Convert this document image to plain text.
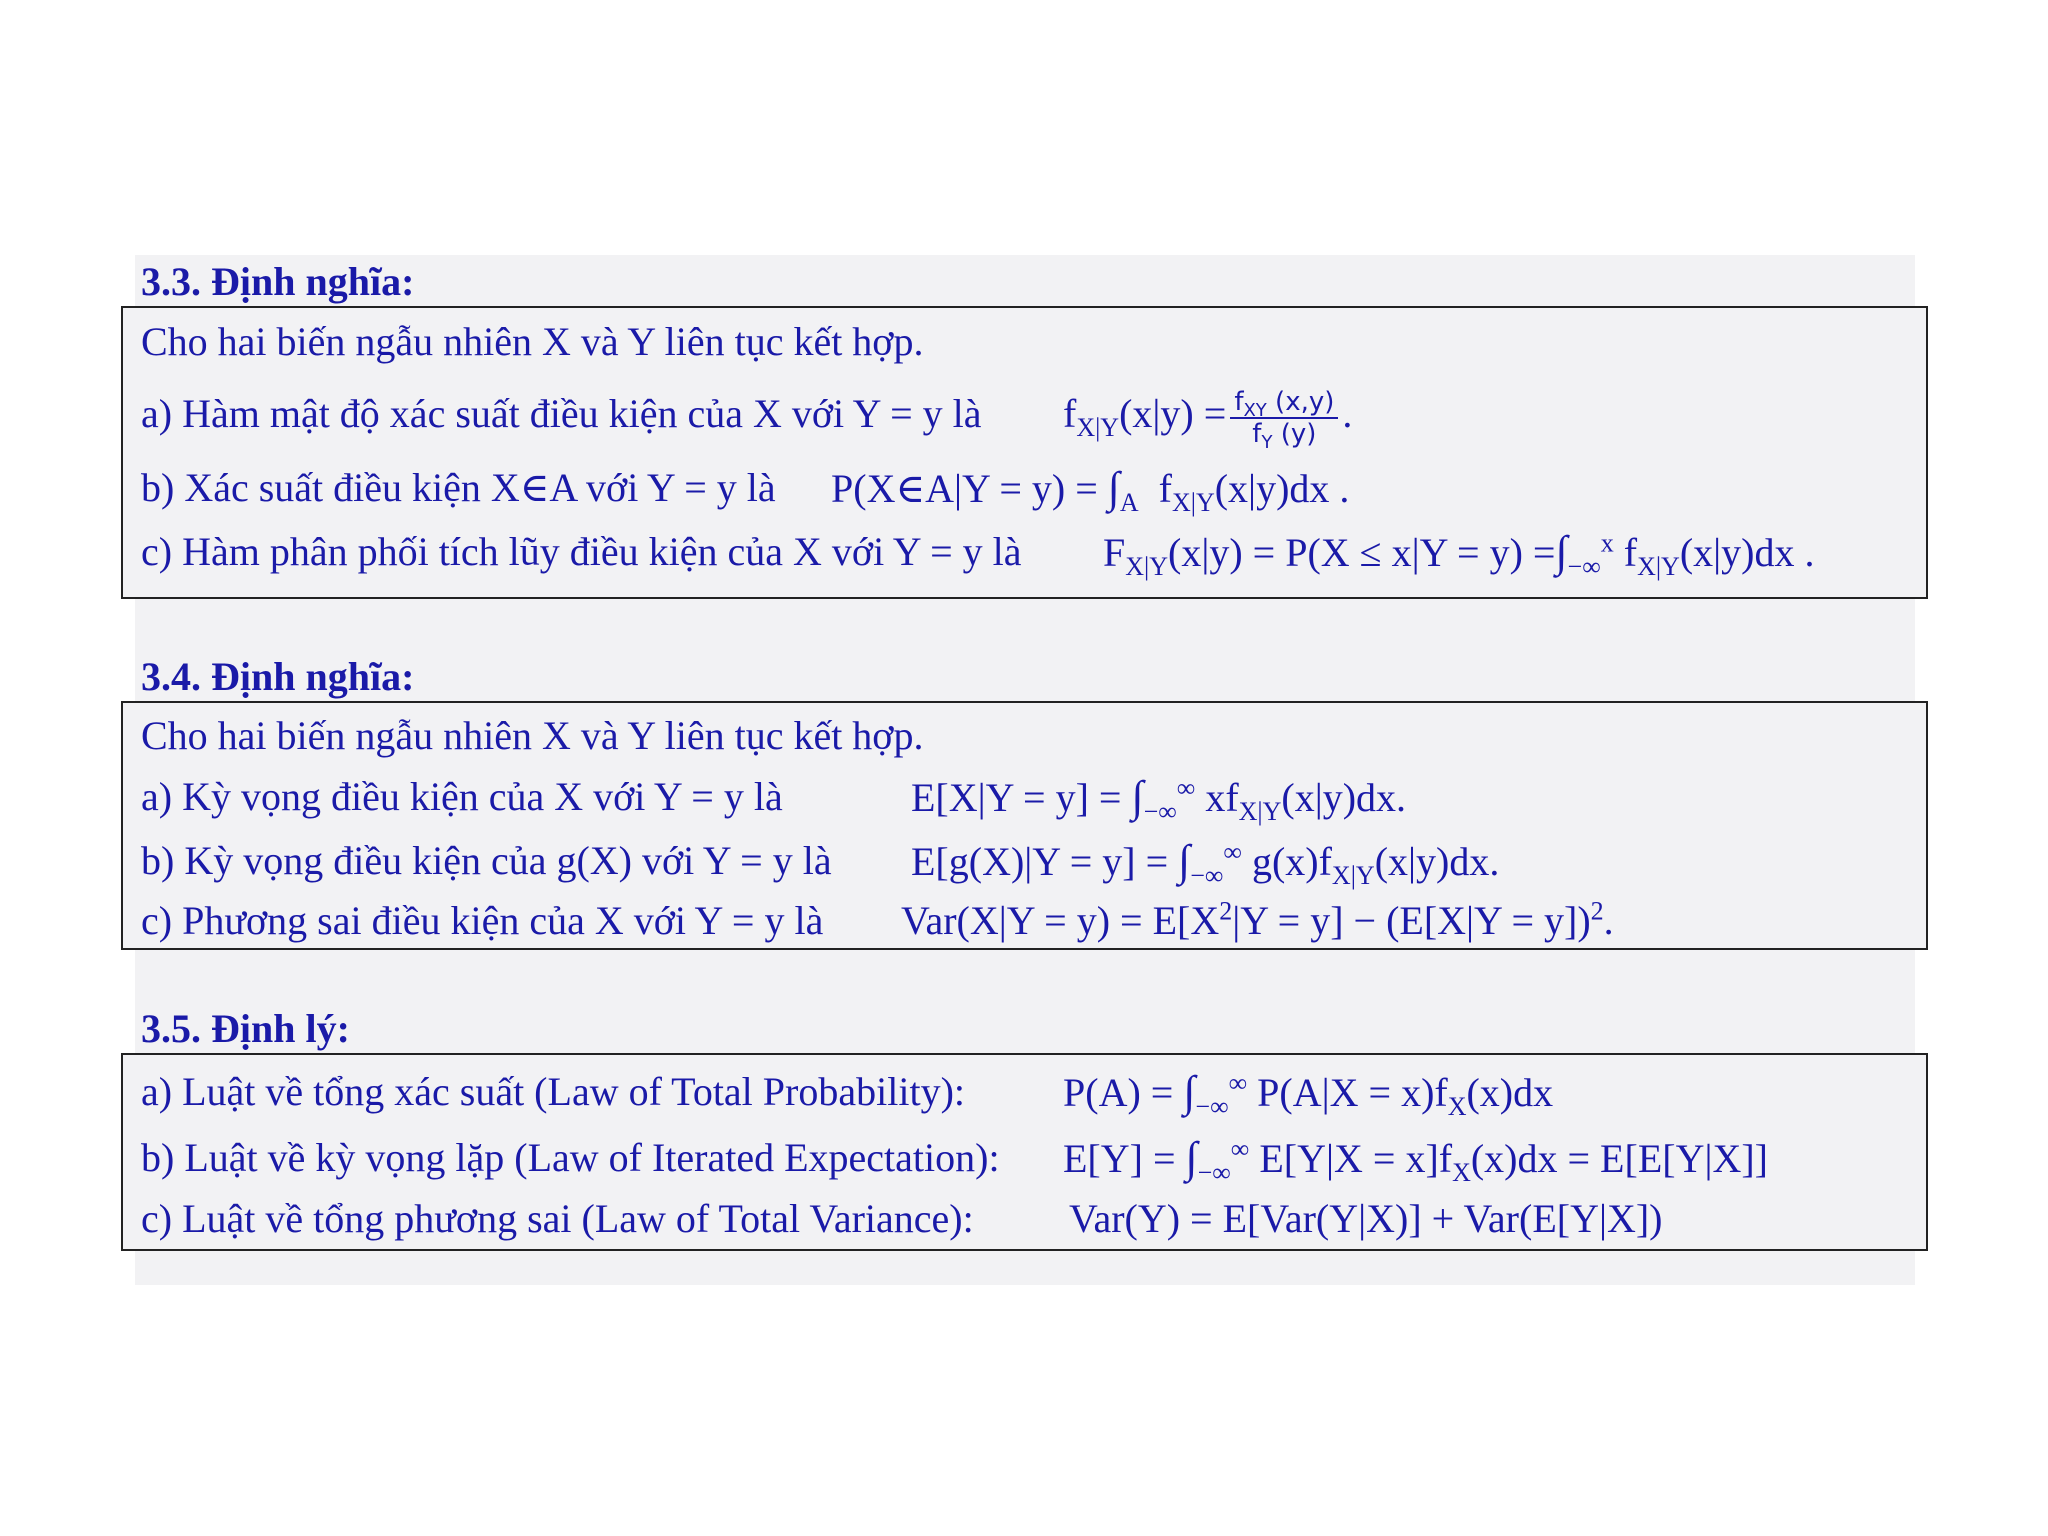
3.3. Định nghĩa:
Cho hai biến ngẫu nhiên X và Y liên tục kết hợp.
a) Hàm mật độ xác suất điều kiện của X với Y = y là $f_{X|Y}(x|y) = \frac{f_{XY} (x,y)}{f_Y (y)}$ .
b) Xác suất điều kiện X∈A với Y = y là P(X∈A|Y = $y) = \int_A$  $f_{X|Y}(x|y)dx$ .
c) Hàm phân phối tích lũy điều kiện của X với Y = y là $F_{X|Y}(x|y) = P(X \le x|Y = y) =\int_{-\infty}^x$ $f_{X|Y}(x|y)dx$ .
3.4. Định nghĩa:
Cho hai biến ngẫu nhiên X và Y liên tục kết hợp.
a) Kỳ vọng điều kiện của X với Y = y là	$E[X|Y = y] = \int_{-\infty}^\infty$ $xf_{X|Y}(x|y)dx$.
b) Kỳ vọng điều kiện của g(X) với Y = y là $E[g(X)|Y = y] = \int_{-\infty}^\infty$ $g(x)f_{X|Y}(x|y)dx$.
c) Phương sai điều kiện của X với Y = y là $Var(X|Y = y) = E[X^2|Y = y] - (E[X|Y = y])^2$.
3.5. Định lý:
a) Luật về tổng xác suất (Law of Total Probability): $P(A) = \int_{-\infty}^\infty$ $P(A|X = x)f_X(x)dx$
b) Luật về kỳ vọng lặp (Law of Iterated Expectation): $E[Y] = \int_{-\infty}^\infty$ $E[Y|X = x]f_X(x)dx = E[E[Y|X]]$
c) Luật về tổng phương sai (Law of Total Variance): Var(Y) = E[Var(Y|X)] + Var(E[Y|X])
